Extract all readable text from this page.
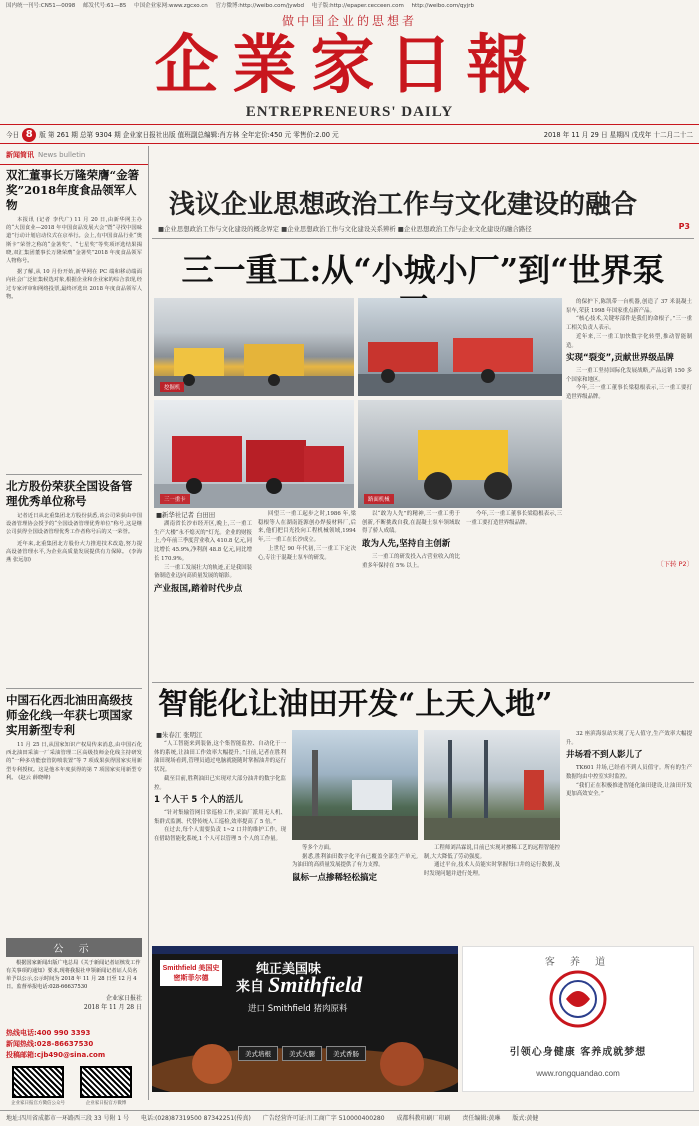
国内统一刊号:CN51—0098 邮发代号:61—85 中国企业家网:www.zgcxo.cn 官方微博:http://weibo.com/jywbd 电子版:http://epaper.cecceen.com http://weibo.com/qyjrb
做中国企业的思想者
企業家日報
ENTREPRENEURS' DAILY
今日 8 版 第 261 期 总第 9304 期 企业家日报社出版 值班副总编辑:肖方林 全年定价:450 元 零售价:2.00 元	2018 年 11 月 29 日 星期四 戊戌年 十二月二十二
新闻简讯 News bulletin
双汇董事长万隆荣膺“金箸奖”2018年度食品领军人物

本报讯 (记者 李代广) 11 月 20 日,由新华网主办的“大国食业—2018 年中国食品发展大会”暨“寻找中国味道”行动计划启动仪式在京举行。会上,有中国食品行业“奥斯卡”荣誉之称的“金箸奖”、“七星奖”等奖项评选结果揭晓,双汇集团董事长万隆荣膺“金箸奖”2018 年度食品领军人物称号。

据了解,从 10 月份开始,新华网在 PC 端和移动端面向社会广泛征集候选对象,根据企业和企业家的综合表现,经过专家评审和网络投票,最终评选出 2018 年度食品领军人物。

北方股份荣获全国设备管理优秀单位称号

记者近日从北重集团北方股份获悉,该公司荣获由中国设备管理协会授予的“全国设备管理优秀单位”称号,这是继公司获得全国设备管理优秀工作者称号后的又一荣誉。

近年来,北重集团北方股份大力推进技术改造,努力提高设备管理水平,为企业高质量发展提供有力保障。 (李海燕 张远加)

中国石化西北油田高级技师金化线一年获七项国家实用新型专利

11 月 25 日,从国家知识产权局传来消息,由中国石化西北油田采油一厂采油管理二区高级技师金化线主持研发的“一种多功能套管防喷装置”等 7 项成果获得国家实用新型专利授权。这是他本年度获得的第 7 项国家实用新型专利。 (赵云 薛晓峰)

公 示

根据国家新闻出版广电总局《关于新闻记者证核发工作有关事项的通知》要求,现将我报社申领新闻记者证人员名单予以公示,公示时间为 2018 年 11 月 28 日至 12 月 4 日。监督举报电话:028-66637530

企业家日报社
2018 年 11 月 28 日
热线电话:400 990 3393
新闻热线:028-86637530
投稿邮箱:cjb490@sina.com
企业家日报官方微信公众号	企业家日报官方微博
浅议企业思想政治工作与文化建设的融合
■企业思想政治工作与文化建设的概念界定 ■企业思想政治工作与文化建设关系辨析 ■企业思想政治工作与企业文化建设的融合路径	P3
三一重工:从“小城小厂”到“世界泵
挖掘机
三一重卡	路面机械

的保护下,陈凯带一台机器,创造了 37 米混凝土泵车,荣获 1998 年国家重点新产品。

“核心技术,关键零部件是我们的命根子。”三一重工相关负责人表示。

近年来,三一重工加快数字化转型,推动智能制造。

实现“裂变”,贡献世界级品牌

三一重工坚持国际化发展战略,产品远销 150 多个国家和地区。

今年,三一重工董事长梁稳根表示,三一重工要打造世界级品牌。

〔下转 P2〕
■新华社记者 白田田

湖南省长沙市经开区,晚上,三一重工生产大楼“永不熄灭的”灯光。企业的财报上,今年前三季度营业收入 410.8 亿元,同比增长 45.9%,净利润 48.8 亿元,同比增长 170.9%。

三一重工发展壮大的轨迹,正是我国装备制造业迈向高质量发展的缩影。

产业报国,踏着时代步点

回望三一重工起步之时,1986 年,梁稳根等人在湖南涟源创办焊接材料厂,后来,他们把目光投向工程机械领域,1994 年,三一重工在长沙成立。

上世纪 90 年代初,三一重工下定决心,专注于混凝土泵车的研发。

以“敢为人先”的精神,三一重工勇于创新,不断挑战自我,在混凝土泵车领域取得了骄人成绩。

敢为人先,坚持自主创新

三一重工的研发投入占营业收入的比重多年保持在 5% 以上。

今年,三一重工董事长梁稳根表示,三一重工要打造世界级品牌。

智能化让油田开发“上天入地”
■朱春江 张明江

“人工智能来到装备,这个集智能监控、自动化于一体的系统,让油田工作效率大幅提升。”日前,记者在胜利油田现场看到,管理员通过电脑就能随时掌握油井的运行状况。

截至目前,胜利油田已实现对大部分油井的数字化监控。

1 个人干 5 个人的活儿

“针对集输管网日常巡检工作,采油厂派用无人机、集群式监测、代替传统人工巡检,效率提高了 5 倍。”

在过去,每个人需要负责 1~2 口井的维护工作。现在借助智能化系统,1 个人可以管理 5 个人的工作量。

等多个方面。

据悉,胜利油田数字化平台已覆盖全部生产单元,为油田的高质量发展提供了有力支撑。

鼠标一点掺稀轻松搞定

工程师刘昌霖说,目前已实现对掺稀工艺的远程智能控制,大大降低了劳动强度。

通过平台,技术人员能实时掌握每口井的运行数据,及时发现问题并进行处理。

32 座滨海泵站实现了无人值守,生产效率大幅提升。

井场看不到人影儿了

TK601 井场,已经看不到人员值守。所有的生产数据均由中控室实时监控。

“我们正在积极推进智能化油田建设,让油田开发更加高效安全。”

Smithfield 美国史密斯菲尔德
纯正美国味
来自 Smithfield
进口 Smithfield 猪肉原料
美式培根	美式火腿	美式香肠
客 养 道
引领心身健康 客养成就梦想
www.rongquandao.com
地址:四川省成都市一环路西三段 33 号附 1 号 电话:(028)87319500 87342251(传真) 广告经营许可证:川工商广字 510000400280 成都科教印刷厂印刷 责任编辑:黄琳 版式:黄健
